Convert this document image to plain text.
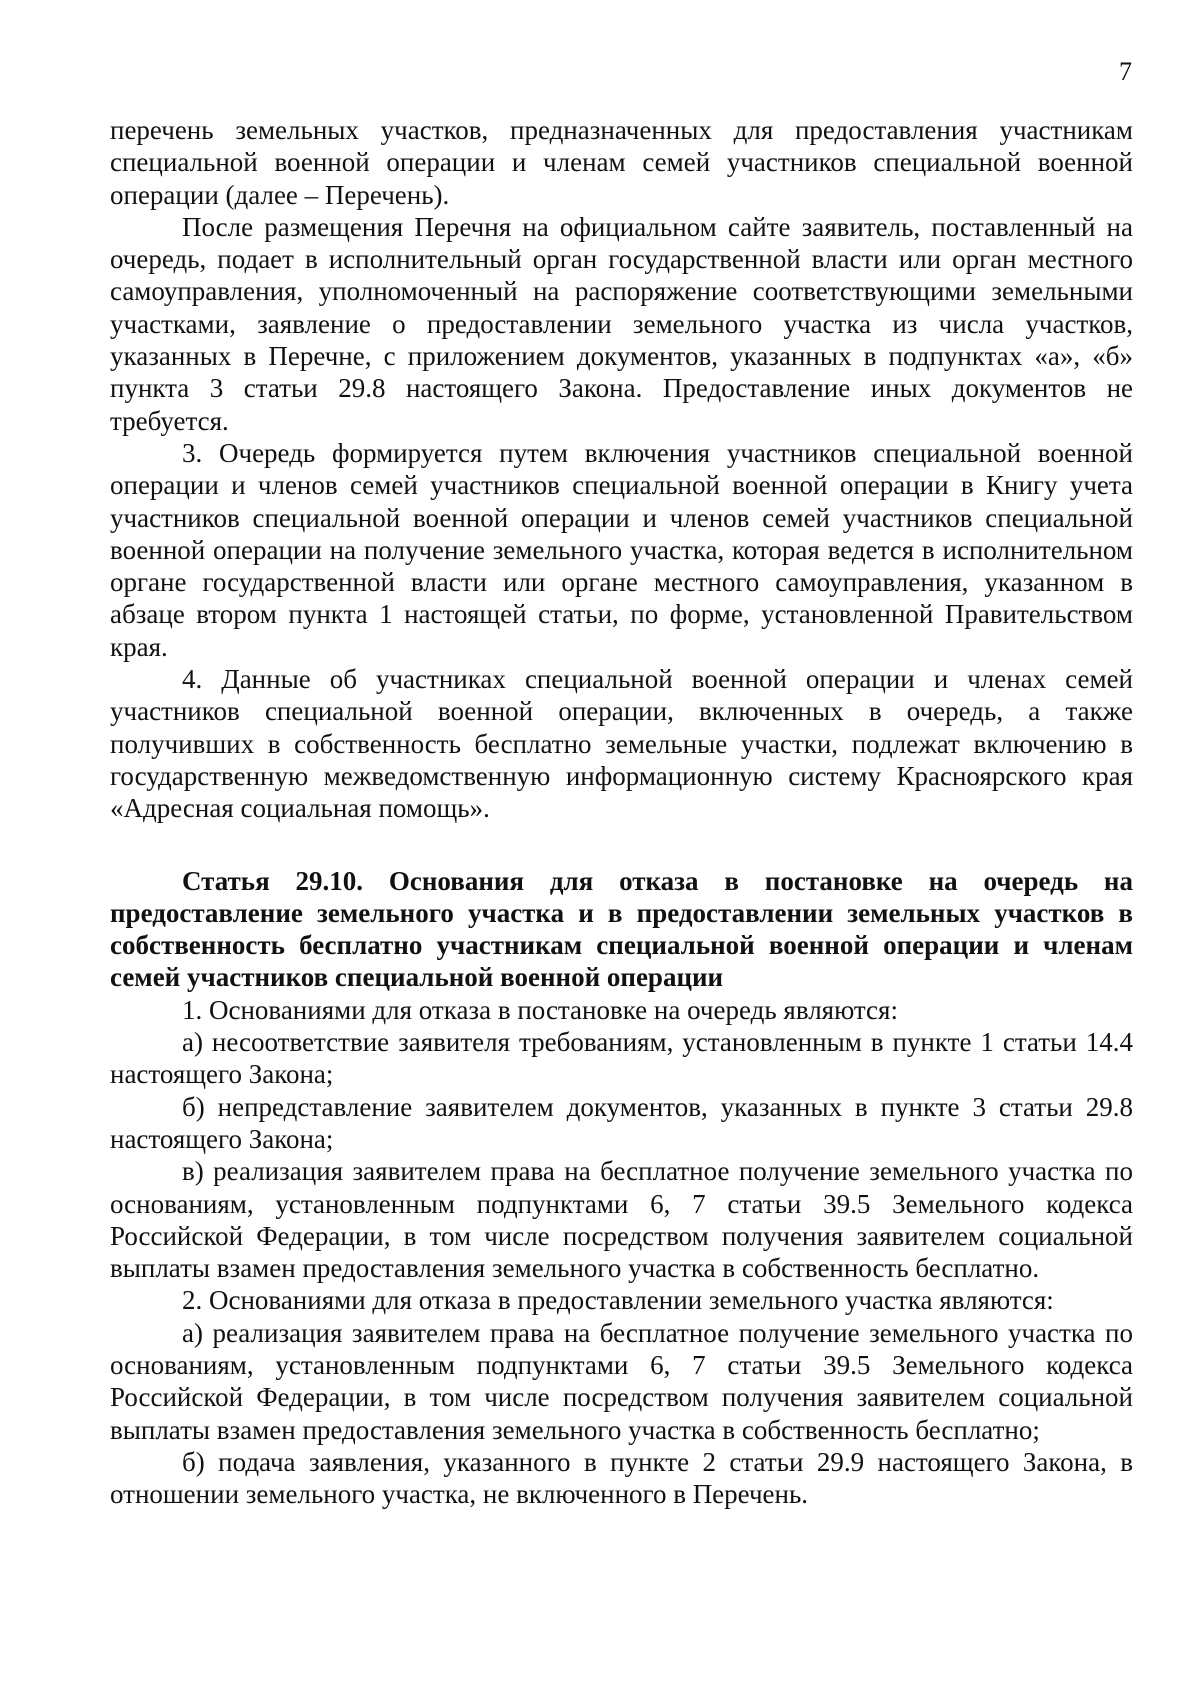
7

перечень земельных участков, предназначенных для предоставления участникам специальной военной операции и членам семей участников специальной военной операции (далее – Перечень).

После размещения Перечня на официальном сайте заявитель, поставленный на очередь, подает в исполнительный орган государственной власти или орган местного самоуправления, уполномоченный на распоряжение соответствующими земельными участками, заявление о предоставлении земельного участка из числа участков, указанных в Перечне, с приложением документов, указанных в подпунктах «а», «б» пункта 3 статьи 29.8 настоящего Закона. Предоставление иных документов не требуется.

3. Очередь формируется путем включения участников специальной военной операции и членов семей участников специальной военной операции в Книгу учета участников специальной военной операции и членов семей участников специальной военной операции на получение земельного участка, которая ведется в исполнительном органе государственной власти или органе местного самоуправления, указанном в абзаце втором пункта 1 настоящей статьи, по форме, установленной Правительством края.

4. Данные об участниках специальной военной операции и членах семей участников специальной военной операции, включенных в очередь, а также получивших в собственность бесплатно земельные участки, подлежат включению в государственную межведомственную информационную систему Красноярского края «Адресная социальная помощь».

Статья 29.10. Основания для отказа в постановке на очередь на предоставление земельного участка и в предоставлении земельных участков в собственность бесплатно участникам специальной военной операции и членам семей участников специальной военной операции

1. Основаниями для отказа в постановке на очередь являются:

а) несоответствие заявителя требованиям, установленным в пункте 1 статьи 14.4 настоящего Закона;

б) непредставление заявителем документов, указанных в пункте 3 статьи 29.8 настоящего Закона;

в) реализация заявителем права на бесплатное получение земельного участка по основаниям, установленным подпунктами 6, 7 статьи 39.5 Земельного кодекса Российской Федерации, в том числе посредством получения заявителем социальной выплаты взамен предоставления земельного участка в собственность бесплатно.

2. Основаниями для отказа в предоставлении земельного участка являются:

а) реализация заявителем права на бесплатное получение земельного участка по основаниям, установленным подпунктами 6, 7 статьи 39.5 Земельного кодекса Российской Федерации, в том числе посредством получения заявителем социальной выплаты взамен предоставления земельного участка в собственность бесплатно;

б) подача заявления, указанного в пункте 2 статьи 29.9 настоящего Закона, в отношении земельного участка, не включенного в Перечень.
